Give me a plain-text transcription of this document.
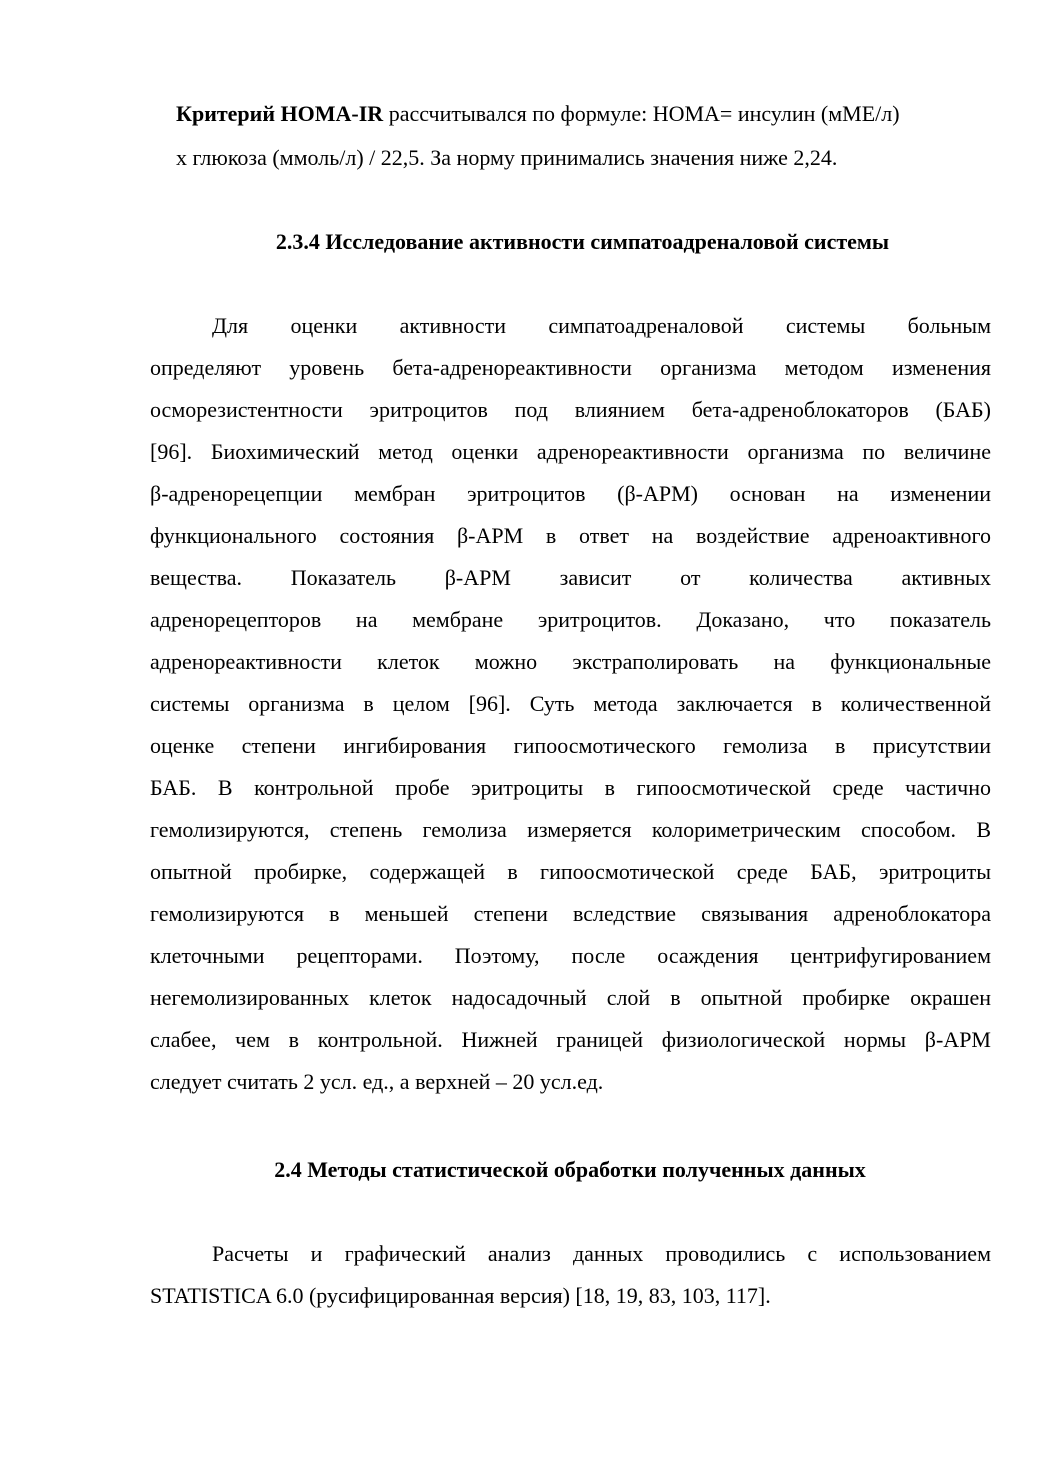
Критерий HOMA-IR рассчитывался по формуле: HOMA= инсулин (мМЕ/л)
х глюкоза (ммоль/л) / 22,5. За норму принимались значения ниже 2,24.
2.3.4 Исследование активности симпатоадреналовой системы
Для оценки активности симпатоадреналовой системы больным
определяют уровень бета-адренореактивности организма методом изменения
осморезистентности эритроцитов под влиянием бета-адреноблокаторов (БАБ)
[96]. Биохимический метод оценки адренореактивности организма по величине
β-адренорецепции мембран эритроцитов (β-АРМ) основан на изменении
функционального состояния β-АРМ в ответ на воздействие адреноактивного
вещества. Показатель β-АРМ зависит от количества активных
адренорецепторов на мембране эритроцитов. Доказано, что показатель
адренореактивности клеток можно экстраполировать на функциональные
системы организма в целом [96]. Суть метода заключается в количественной
оценке степени ингибирования гипоосмотического гемолиза в присутствии
БАБ. В контрольной пробе эритроциты в гипоосмотической среде частично
гемолизируются, степень гемолиза измеряется колориметрическим способом. В
опытной пробирке, содержащей в гипоосмотической среде БАБ, эритроциты
гемолизируются в меньшей степени вследствие связывания адреноблокатора
клеточными рецепторами. Поэтому, после осаждения центрифугированием
негемолизированных клеток надосадочный слой в опытной пробирке окрашен
слабее, чем в контрольной. Нижней границей физиологической нормы β-АРМ
следует считать 2 усл. ед., а верхней – 20 усл.ед.
2.4 Методы статистической обработки полученных данных
Расчеты и графический анализ данных проводились с использованием
STATISTICA 6.0 (русифицированная версия) [18, 19, 83, 103, 117].
